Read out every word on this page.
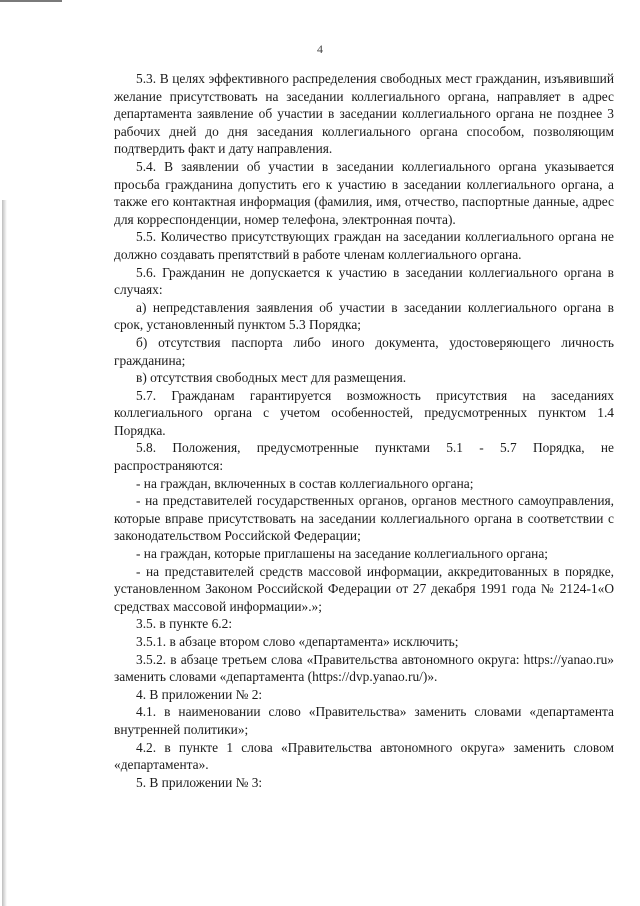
4

5.3. В целях эффективного распределения свободных мест гражданин, изъявивший желание присутствовать на заседании коллегиального органа, направляет в адрес департамента заявление об участии в заседании коллегиального органа не позднее 3 рабочих дней до дня заседания коллегиального органа способом, позволяющим подтвердить факт и дату направления.

5.4. В заявлении об участии в заседании коллегиального органа указывается просьба гражданина допустить его к участию в заседании коллегиального органа, а также его контактная информация (фамилия, имя, отчество, паспортные данные, адрес для корреспонденции, номер телефона, электронная почта).

5.5. Количество присутствующих граждан на заседании коллегиального органа не должно создавать препятствий в работе членам коллегиального органа.

5.6. Гражданин не допускается к участию в заседании коллегиального органа в случаях:

а) непредставления заявления об участии в заседании коллегиального органа в срок, установленный пунктом 5.3 Порядка;

б) отсутствия паспорта либо иного документа, удостоверяющего личность гражданина;

в) отсутствия свободных мест для размещения.

5.7. Гражданам гарантируется возможность присутствия на заседаниях коллегиального органа с учетом особенностей, предусмотренных пунктом 1.4 Порядка.

5.8. Положения, предусмотренные пунктами 5.1 - 5.7 Порядка, не распространяются:

- на граждан, включенных в состав коллегиального органа;

- на представителей государственных органов, органов местного самоуправления, которые вправе присутствовать на заседании коллегиального органа в соответствии с законодательством Российской Федерации;

- на граждан, которые приглашены на заседание коллегиального органа;

- на представителей средств массовой информации, аккредитованных в порядке, установленном Законом Российской Федерации от 27 декабря 1991 года № 2124-1«О средствах массовой информации».»;

3.5. в пункте 6.2:

3.5.1. в абзаце втором слово «департамента» исключить;

3.5.2. в абзаце третьем слова «Правительства автономного округа: https://yanao.ru» заменить словами «департамента (https://dvp.yanao.ru/)».

4. В приложении № 2:

4.1. в наименовании слово «Правительства» заменить словами «департамента внутренней политики»;

4.2. в пункте 1 слова «Правительства автономного округа» заменить словом «департамента».

5. В приложении № 3:
